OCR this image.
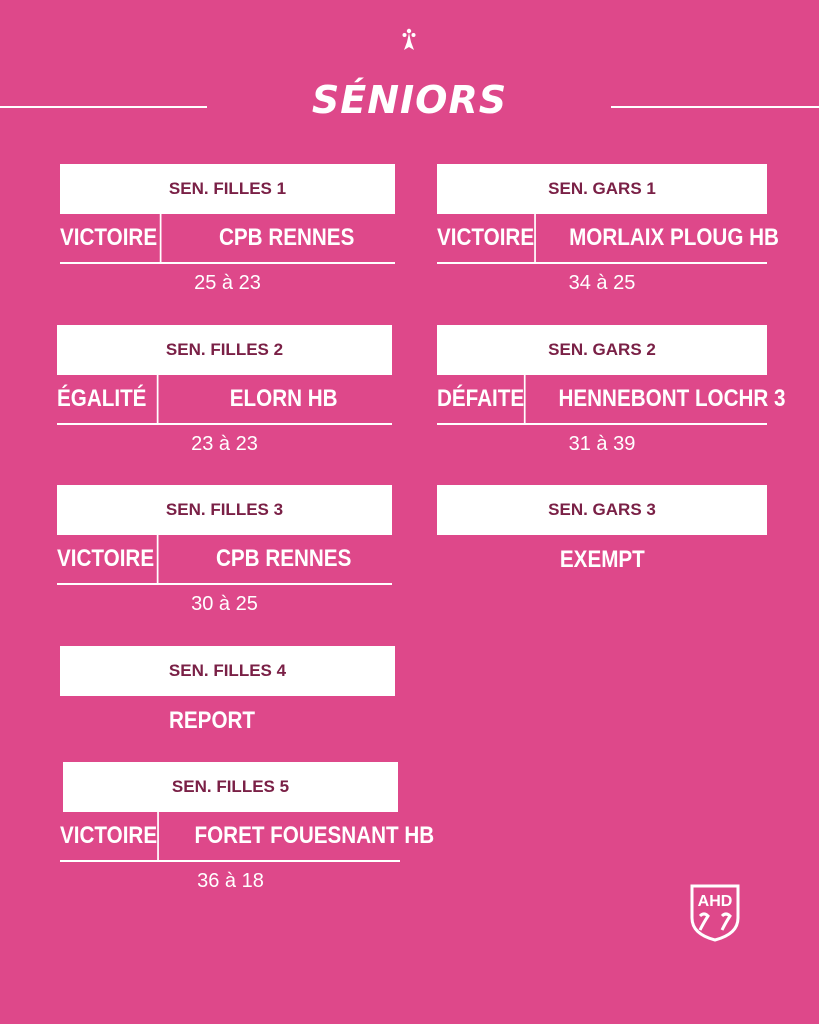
SÉNIORS
SEN. FILLES 1
VICTOIRE	CPB RENNES
25 à 23
SEN. GARS 1
VICTOIRE MORLAIX PLOUG HB
34 à 25
SEN. FILLES 2
ÉGALITÉ	ELORN HB
23 à 23
SEN. GARS 2
DÉFAITE HENNEBONT LOCHR 3
31 à 39
SEN. FILLES 3
VICTOIRE	CPB RENNES
30 à 25
SEN. GARS 3
EXEMPT
SEN. FILLES 4
REPORT
SEN. FILLES 5
VICTOIRE FORET FOUESNANT HB
36 à 18
AHD
